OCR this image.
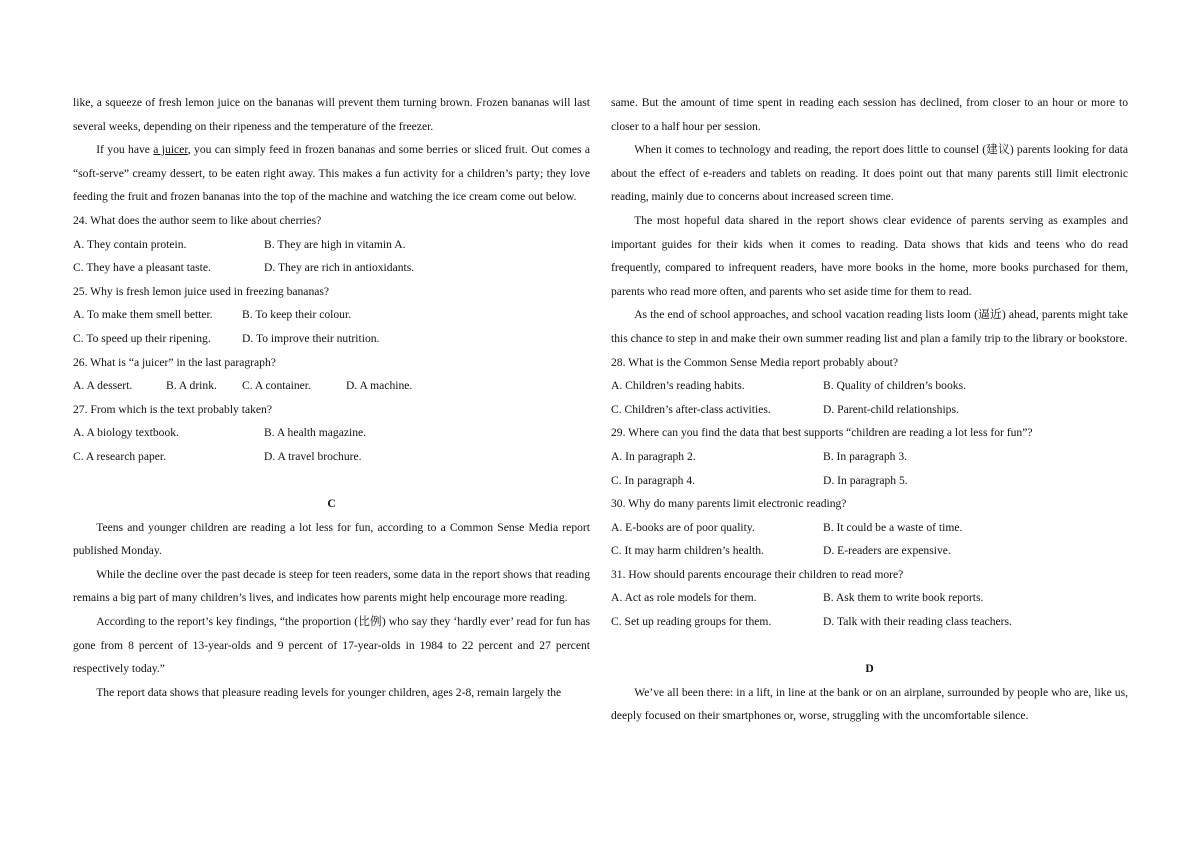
like, a squeeze of fresh lemon juice on the bananas will prevent them turning brown. Frozen bananas will last several weeks, depending on their ripeness and the temperature of the freezer.

If you have a juicer, you can simply feed in frozen bananas and some berries or sliced fruit. Out comes a “soft-serve” creamy dessert, to be eaten right away. This makes a fun activity for a children’s party; they love feeding the fruit and frozen bananas into the top of the machine and watching the ice cream come out below.

24. What does the author seem to like about cherries?

A. They contain protein.	B. They are high in vitamin A.
C. They have a pleasant taste.	D. They are rich in antioxidants.

25. Why is fresh lemon juice used in freezing bananas?

A. To make them smell better.	B. To keep their colour.
C. To speed up their ripening.	D. To improve their nutrition.

26. What is “a juicer” in the last paragraph?

A. A dessert.	B. A drink.	C. A container.	D. A machine.

27. From which is the text probably taken?

A. A biology textbook.	B. A health magazine.
C. A research paper.	D. A travel brochure.

C

Teens and younger children are reading a lot less for fun, according to a Common Sense Media report published Monday.

While the decline over the past decade is steep for teen readers, some data in the report shows that reading remains a big part of many children’s lives, and indicates how parents might help encourage more reading.

According to the report’s key findings, “the proportion (比例) who say they ‘hardly ever’ read for fun has gone from 8 percent of 13-year-olds and 9 percent of 17-year-olds in 1984 to 22 percent and 27 percent respectively today.”

The report data shows that pleasure reading levels for younger children, ages 2-8, remain largely the

same. But the amount of time spent in reading each session has declined, from closer to an hour or more to closer to a half hour per session.

When it comes to technology and reading, the report does little to counsel (建议) parents looking for data about the effect of e-readers and tablets on reading. It does point out that many parents still limit electronic reading, mainly due to concerns about increased screen time.

The most hopeful data shared in the report shows clear evidence of parents serving as examples and important guides for their kids when it comes to reading. Data shows that kids and teens who do read frequently, compared to infrequent readers, have more books in the home, more books purchased for them, parents who read more often, and parents who set aside time for them to read.

As the end of school approaches, and school vacation reading lists loom (逼近) ahead, parents might take this chance to step in and make their own summer reading list and plan a family trip to the library or bookstore.

28. What is the Common Sense Media report probably about?

A. Children’s reading habits.	B. Quality of children’s books.
C. Children’s after-class activities.	D. Parent-child relationships.

29. Where can you find the data that best supports “children are reading a lot less for fun”?

A. In paragraph 2.	B. In paragraph 3.
C. In paragraph 4.	D. In paragraph 5.

30. Why do many parents limit electronic reading?

A. E-books are of poor quality.	B. It could be a waste of time.
C. It may harm children’s health.	D. E-readers are expensive.

31. How should parents encourage their children to read more?

A. Act as role models for them.	B. Ask them to write book reports.
C. Set up reading groups for them.	D. Talk with their reading class teachers.

D

We’ve all been there: in a lift, in line at the bank or on an airplane, surrounded by people who are, like us, deeply focused on their smartphones or, worse, struggling with the uncomfortable silence.
